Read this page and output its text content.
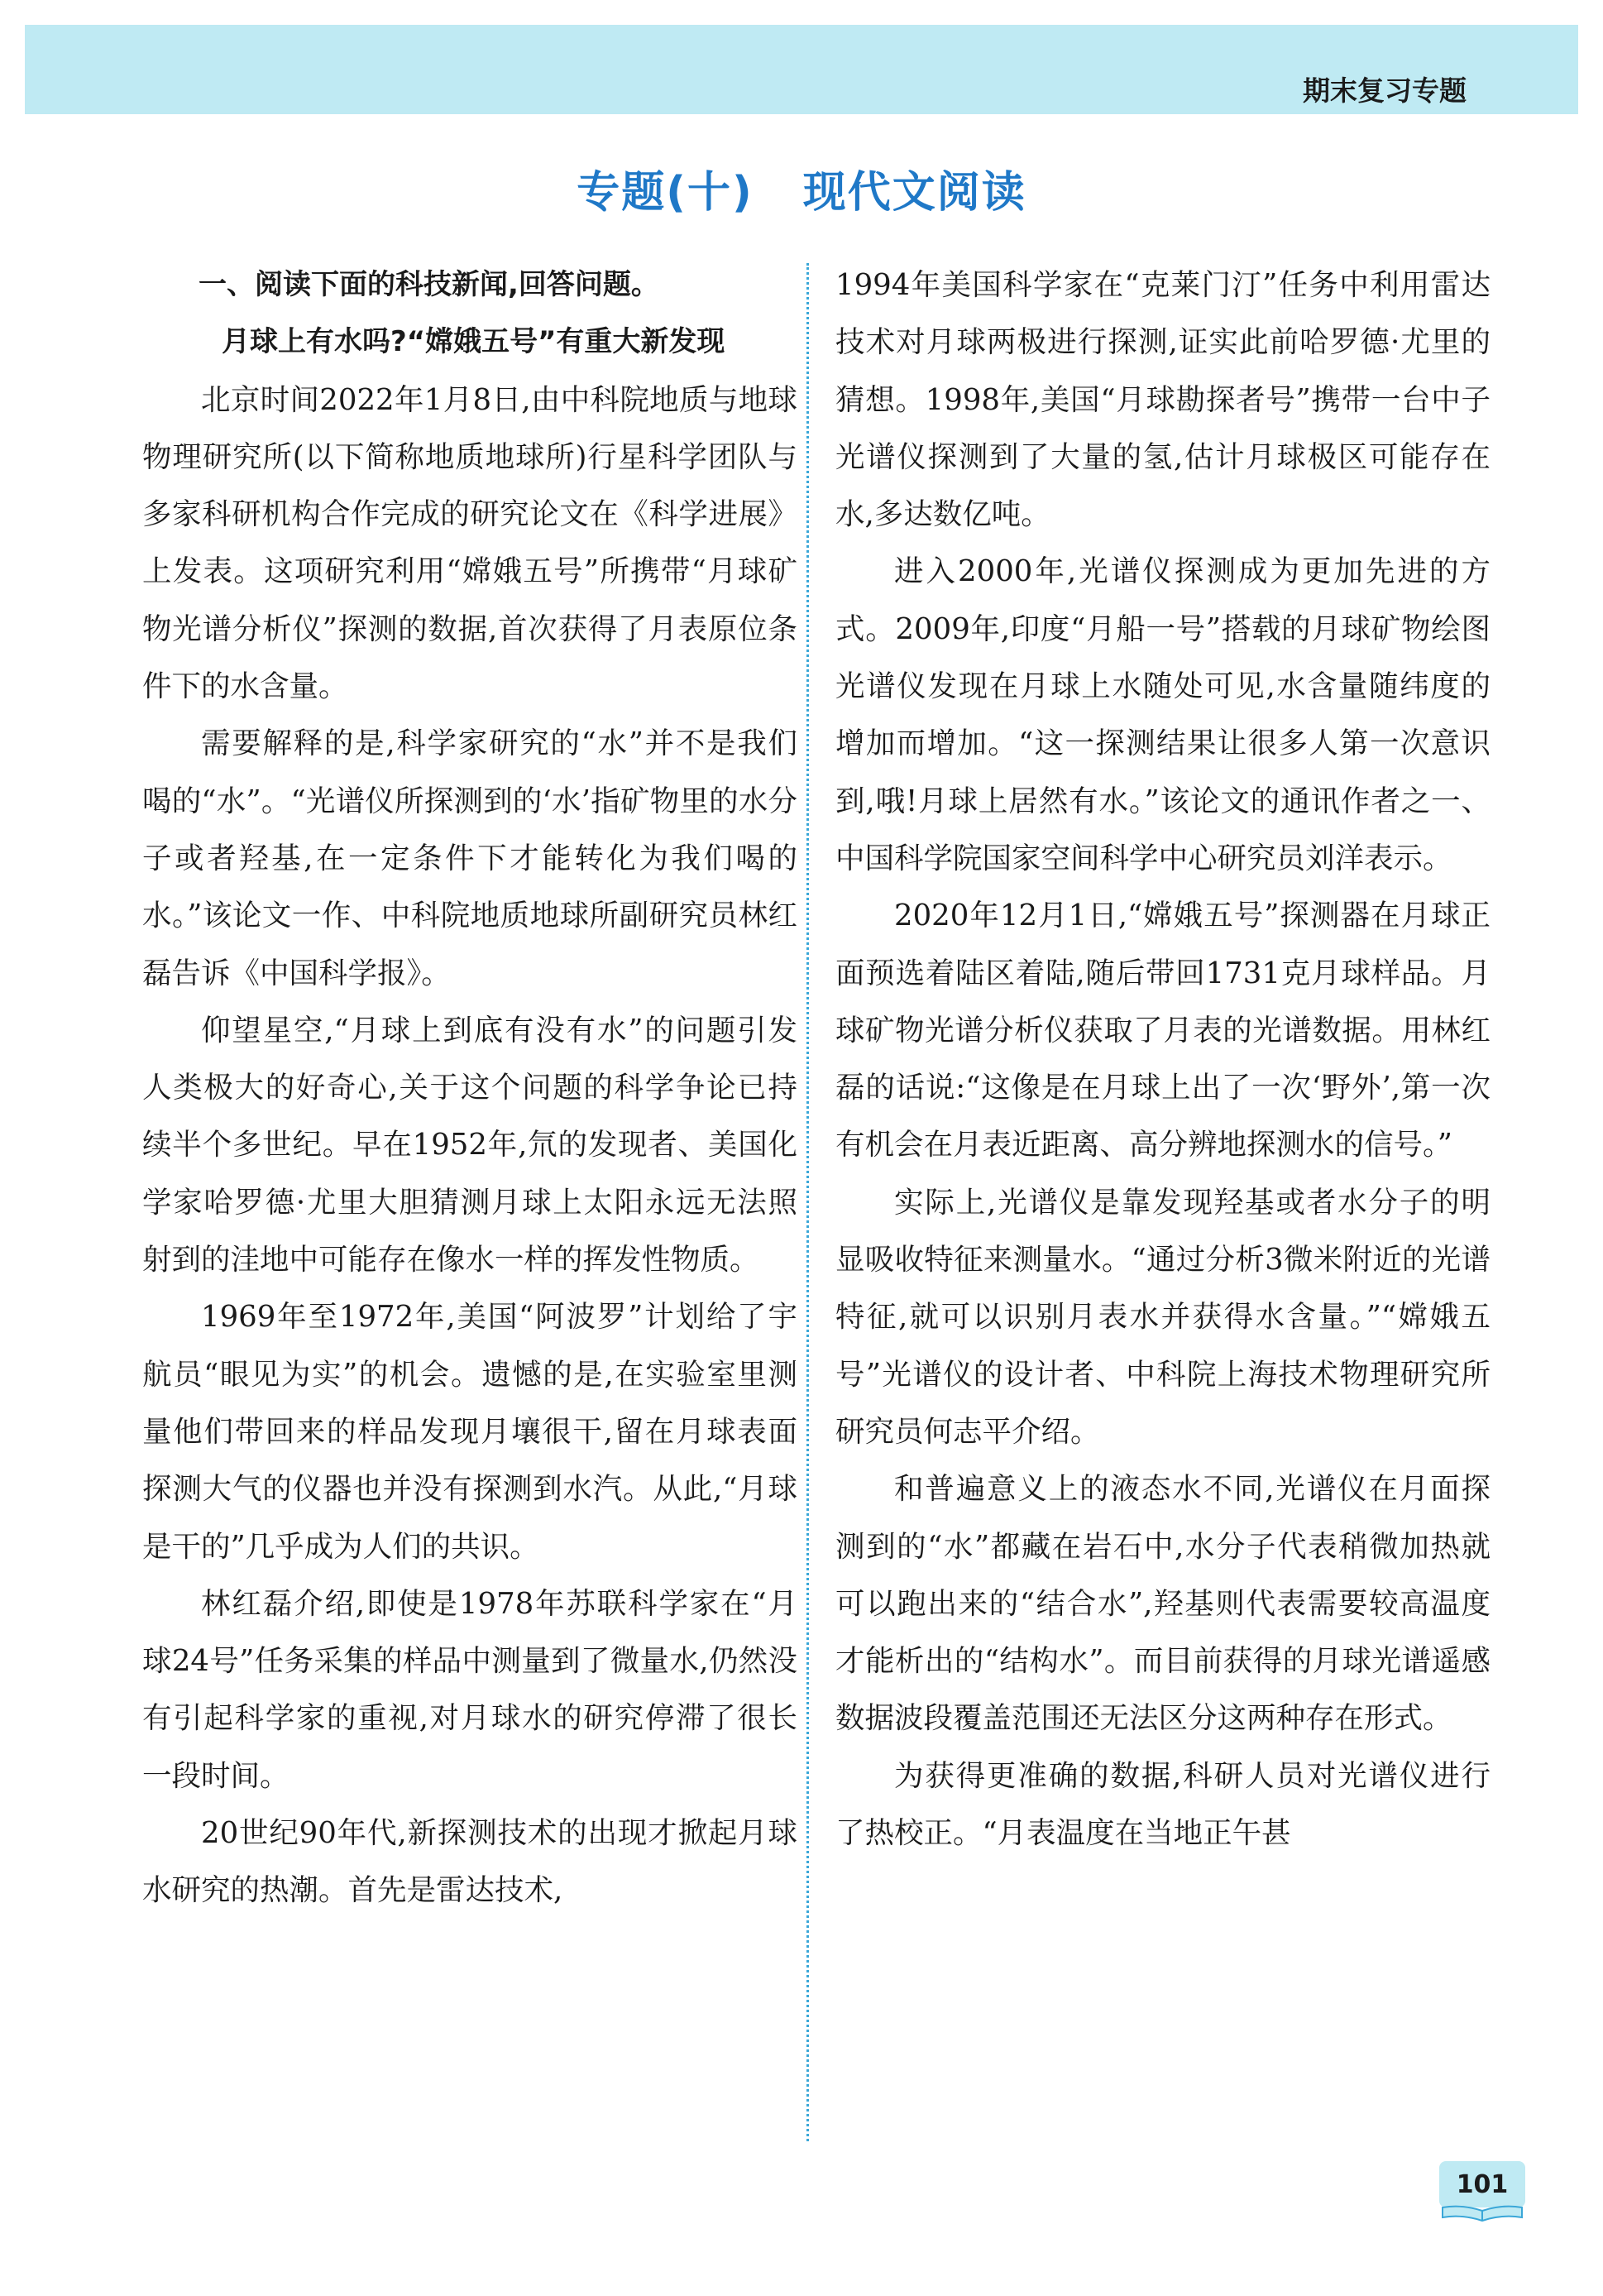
期末复习专题
专题(十) 现代文阅读

一、阅读下面的科技新闻,回答问题。

月球上有水吗?“嫦娥五号”有重大新发现

北京时间2022年1月8日,由中科院地质与地球物理研究所(以下简称地质地球所)行星科学团队与多家科研机构合作完成的研究论文在《科学进展》上发表。这项研究利用“嫦娥五号”所携带“月球矿物光谱分析仪”探测的数据,首次获得了月表原位条件下的水含量。

需要解释的是,科学家研究的“水”并不是我们喝的“水”。“光谱仪所探测到的‘水’指矿物里的水分子或者羟基,在一定条件下才能转化为我们喝的水。”该论文一作、中科院地质地球所副研究员林红磊告诉《中国科学报》。

仰望星空,“月球上到底有没有水”的问题引发人类极大的好奇心,关于这个问题的科学争论已持续半个多世纪。早在1952年,氘的发现者、美国化学家哈罗德·尤里大胆猜测月球上太阳永远无法照射到的洼地中可能存在像水一样的挥发性物质。

1969年至1972年,美国“阿波罗”计划给了宇航员“眼见为实”的机会。遗憾的是,在实验室里测量他们带回来的样品发现月壤很干,留在月球表面探测大气的仪器也并没有探测到水汽。从此,“月球是干的”几乎成为人们的共识。

林红磊介绍,即使是1978年苏联科学家在“月球24号”任务采集的样品中测量到了微量水,仍然没有引起科学家的重视,对月球水的研究停滞了很长一段时间。

20世纪90年代,新探测技术的出现才掀起月球水研究的热潮。首先是雷达技术,

1994年美国科学家在“克莱门汀”任务中利用雷达技术对月球两极进行探测,证实此前哈罗德·尤里的猜想。1998年,美国“月球勘探者号”携带一台中子光谱仪探测到了大量的氢,估计月球极区可能存在水,多达数亿吨。

进入2000年,光谱仪探测成为更加先进的方式。2009年,印度“月船一号”搭载的月球矿物绘图光谱仪发现在月球上水随处可见,水含量随纬度的增加而增加。“这一探测结果让很多人第一次意识到,哦!月球上居然有水。”该论文的通讯作者之一、中国科学院国家空间科学中心研究员刘洋表示。

2020年12月1日,“嫦娥五号”探测器在月球正面预选着陆区着陆,随后带回1731克月球样品。月球矿物光谱分析仪获取了月表的光谱数据。用林红磊的话说:“这像是在月球上出了一次‘野外’,第一次有机会在月表近距离、高分辨地探测水的信号。”

实际上,光谱仪是靠发现羟基或者水分子的明显吸收特征来测量水。“通过分析3微米附近的光谱特征,就可以识别月表水并获得水含量。”“嫦娥五号”光谱仪的设计者、中科院上海技术物理研究所研究员何志平介绍。

和普遍意义上的液态水不同,光谱仪在月面探测到的“水”都藏在岩石中,水分子代表稍微加热就可以跑出来的“结合水”,羟基则代表需要较高温度才能析出的“结构水”。而目前获得的月球光谱遥感数据波段覆盖范围还无法区分这两种存在形式。

为获得更准确的数据,科研人员对光谱仪进行了热校正。“月表温度在当地正午甚

101
